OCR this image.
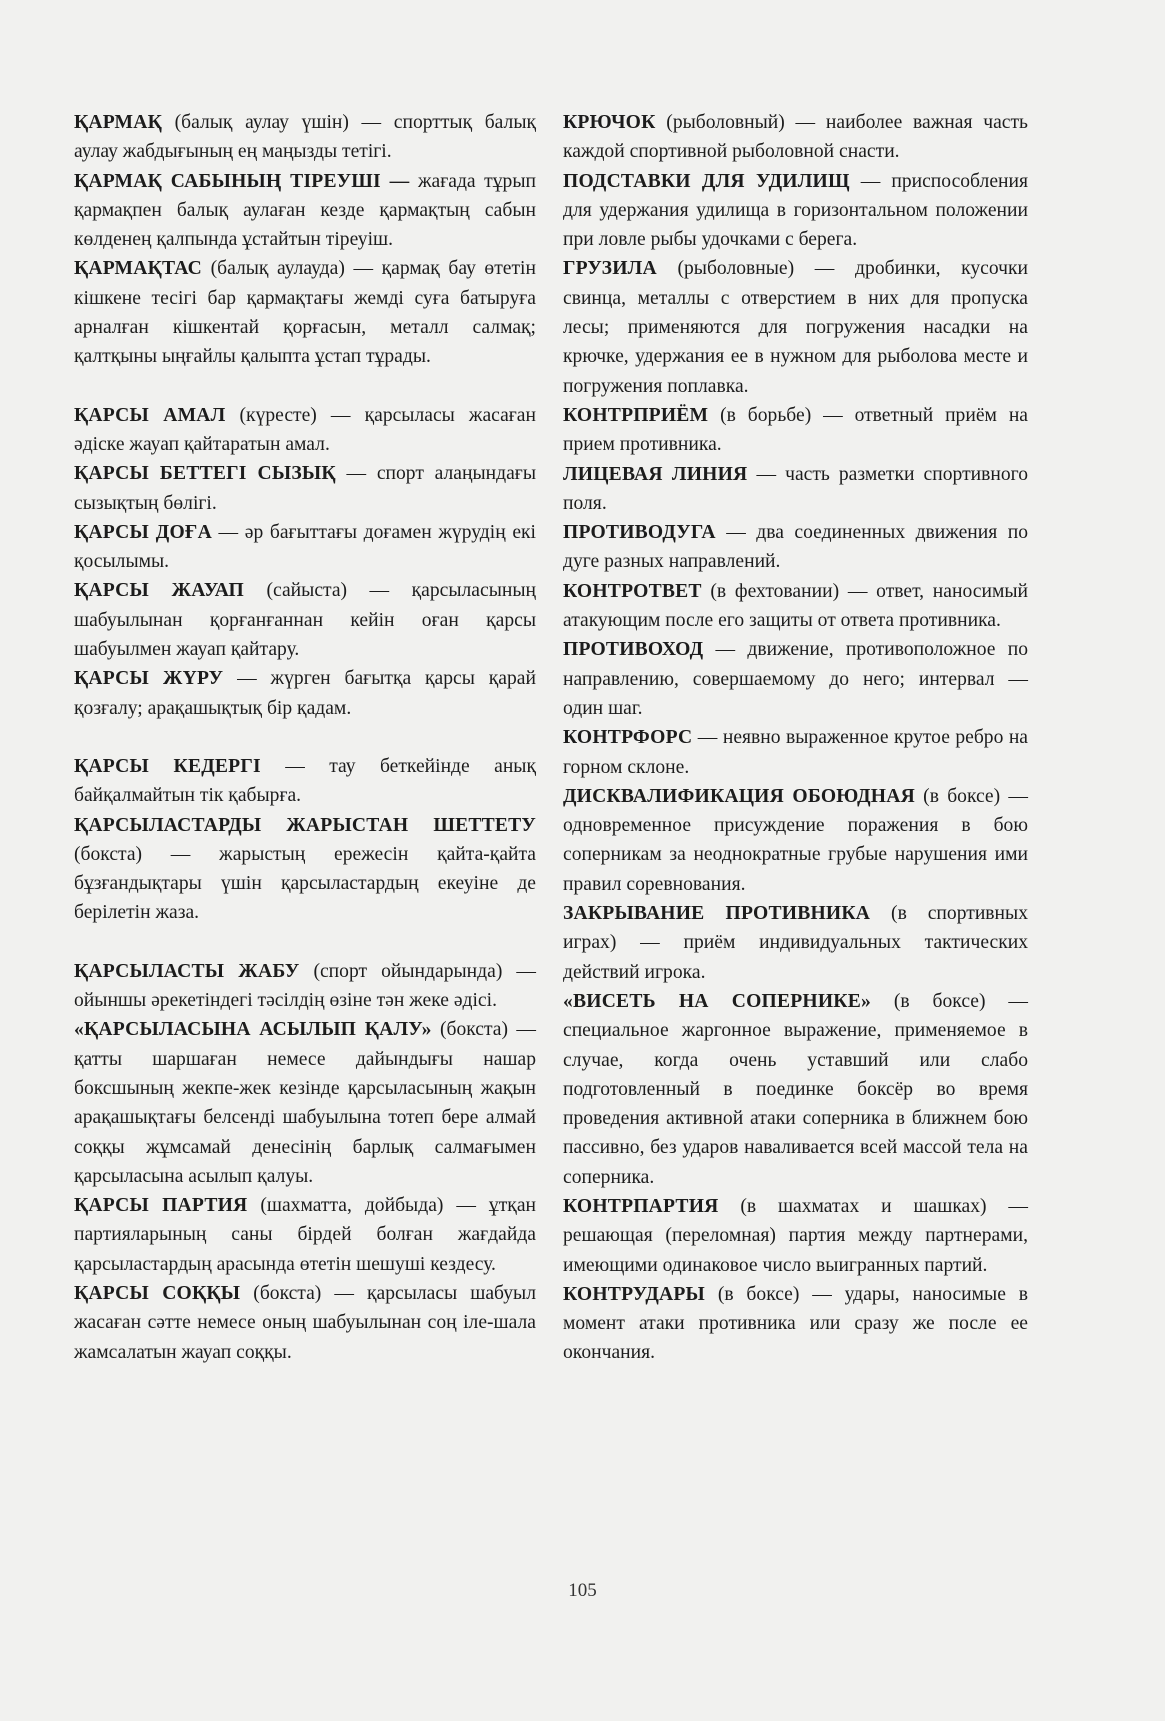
ҚАРМАҚ (балық аулау үшін) — спорттық балық аулау жабдығының ең маңызды тетігі.

ҚАРМАҚ САБЫНЫҢ ТІРЕУШІ — жағада тұрып қармақпен балық аулаған кезде қармақтың сабын көлденең қалпында ұстайтын тіреуіш.

ҚАРМАҚТАС (балық аулауда) — қармақ бау өтетін кішкене тесігі бар қармақтағы жемді суға батыруға арналған кішкентай қорғасын, металл салмақ; қалтқыны ыңғайлы қалыпта ұстап тұрады.

ҚАРСЫ АМАЛ (күресте) — қарсыласы жасаған әдіске жауап қайтаратын амал.

ҚАРСЫ БЕТТЕГІ СЫЗЫҚ — спорт алаңындағы сызықтың бөлігі.

ҚАРСЫ ДОҒА — әр бағыттағы доғамен жүрудің екі қосылымы.

ҚАРСЫ ЖАУАП (сайыста) — қарсыласының шабуылынан қорғанғаннан кейін оған қарсы шабуылмен жауап қайтару.

ҚАРСЫ ЖҮРУ — жүрген бағытқа қарсы қарай қозғалу; арақашықтық бір қадам.

ҚАРСЫ КЕДЕРГІ — тау беткейінде анық байқалмайтын тік қабырға.

ҚАРСЫЛАСТАРДЫ ЖАРЫСТАН ШЕТТЕТУ (бокста) — жарыстың ережесін қайта-қайта бұзғандықтары үшін қарсыластардың екеуіне де берілетін жаза.

ҚАРСЫЛАСТЫ ЖАБУ (спорт ойындарында) — ойыншы әрекетіндегі тәсілдің өзіне тән жеке әдісі.

«ҚАРСЫЛАСЫНА АСЫЛЫП ҚАЛУ» (бокста) — қатты шаршаған немесе дайындығы нашар боксшының жекпе-жек кезінде қарсыласының жақын арақашықтағы белсенді шабуылына тотеп бере алмай соққы жұмсамай денесінің барлық салмағымен қарсыласына асылып қалуы.

ҚАРСЫ ПАРТИЯ (шахматта, дойбыда) — ұтқан партияларының саны бірдей болған жағдайда қарсыластардың арасында өтетін шешуші кездесу.

ҚАРСЫ СОҚҚЫ (бокста) — қарсыласы шабуыл жасаған сәтте немесе оның шабуылынан соң іле-шала жамсалатын жауап соққы.

КРЮЧОК (рыболовный) — наиболее важная часть каждой спортивной рыболовной снасти.

ПОДСТАВКИ ДЛЯ УДИЛИЩ — приспособления для удержания удилища в горизонтальном положении при ловле рыбы удочками с берега.

ГРУЗИЛА (рыболовные) — дробинки, кусочки свинца, металлы с отверстием в них для пропуска лесы; применяются для погружения насадки на крючке, удержания ее в нужном для рыболова месте и погружения поплавка.

КОНТРПРИЁМ (в борьбе) — ответный приём на прием противника.

ЛИЦЕВАЯ ЛИНИЯ — часть разметки спортивного поля.

ПРОТИВОДУГА — два соединенных движения по дуге разных направлений.

КОНТРОТВЕТ (в фехтовании) — ответ, наносимый атакующим после его защиты от ответа противника.

ПРОТИВОХОД — движение, противоположное по направлению, совершаемому до него; интервал — один шаг.

КОНТРФОРС — неявно выраженное крутое ребро на горном склоне.

ДИСКВАЛИФИКАЦИЯ ОБОЮДНАЯ (в боксе) — одновременное присуждение поражения в бою соперникам за неоднократные грубые нарушения ими правил соревнования.

ЗАКРЫВАНИЕ ПРОТИВНИКА (в спортивных играх) — приём индивидуальных тактических действий игрока.

«ВИСЕТЬ НА СОПЕРНИКЕ» (в боксе) — специальное жаргонное выражение, применяемое в случае, когда очень уставший или слабо подготовленный в поединке боксёр во время проведения активной атаки соперника в ближнем бою пассивно, без ударов наваливается всей массой тела на соперника.

КОНТРПАРТИЯ (в шахматах и шашках) — решающая (переломная) партия между партнерами, имеющими одинаковое число выигранных партий.

КОНТРУДАРЫ (в боксе) — удары, наносимые в момент атаки противника или сразу же после ее окончания.

105
